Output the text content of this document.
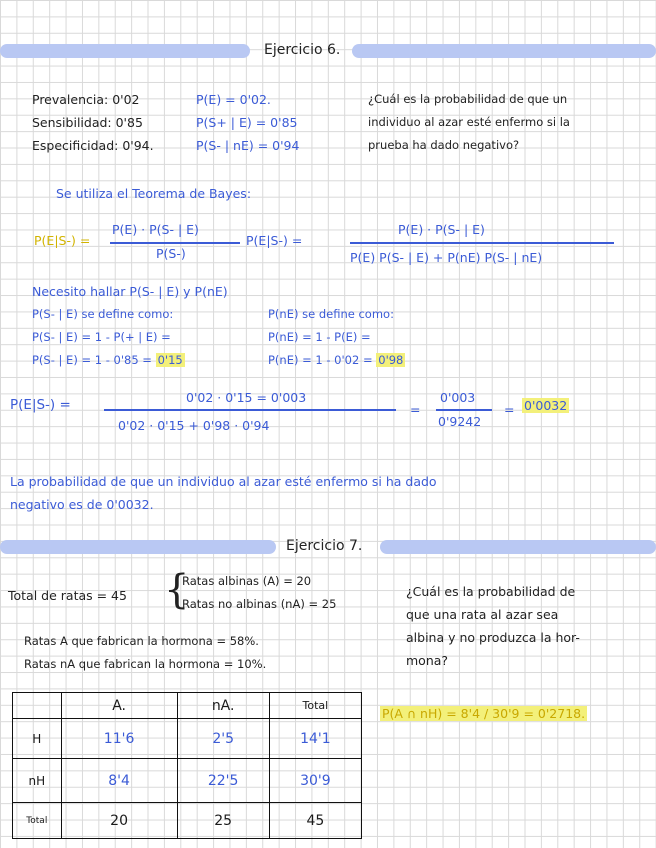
Ejercicio 6.
Prevalencia: 0'02
Sensibilidad: 0'85
Especificidad: 0'94.
P(E) = 0'02.
P(S+ | E) = 0'85
P(S- | nE) = 0'94
¿Cuál es la probabilidad de que un
individuo al azar esté enfermo si la
prueba ha dado negativo?
Se utiliza el Teorema de Bayes:
P(E|S-) =
P(E) · P(S- | E)
P(S-)
P(E|S-) =
P(E) · P(S- | E)
P(E) P(S- | E) + P(nE) P(S- | nE)
Necesito hallar P(S- | E) y P(nE)
P(S- | E) se define como:
P(S- | E) = 1 - P(+ | E) =
P(S- | E) = 1 - 0'85 = 0'15
P(nE) se define como:
P(nE) = 1 - P(E) =
P(nE) = 1 - 0'02 = 0'98
P(E|S-) =	0'02 · 0'15 = 0'003
0'02 · 0'15 + 0'98 · 0'94
=
0'003
0'9242
= 0'0032
La probabilidad de que un individuo al azar esté enfermo si ha dado
negativo es de 0'0032.
Ejercicio 7.
Total de ratas = 45 {
Ratas albinas (A) = 20
Ratas no albinas (nA) = 25
Ratas A que fabrican la hormona = 58%.
Ratas nA que fabrican la hormona = 10%.
¿Cuál es la probabilidad de
que una rata al azar sea
albina y no produzca la hor-
mona?
P(A ∩ nH) = 8'4 / 30'9 = 0'2718.
	A.	nA.	Total
H	11'6	2'5	14'1
nH	8'4	22'5	30'9
Total	20	25	45
